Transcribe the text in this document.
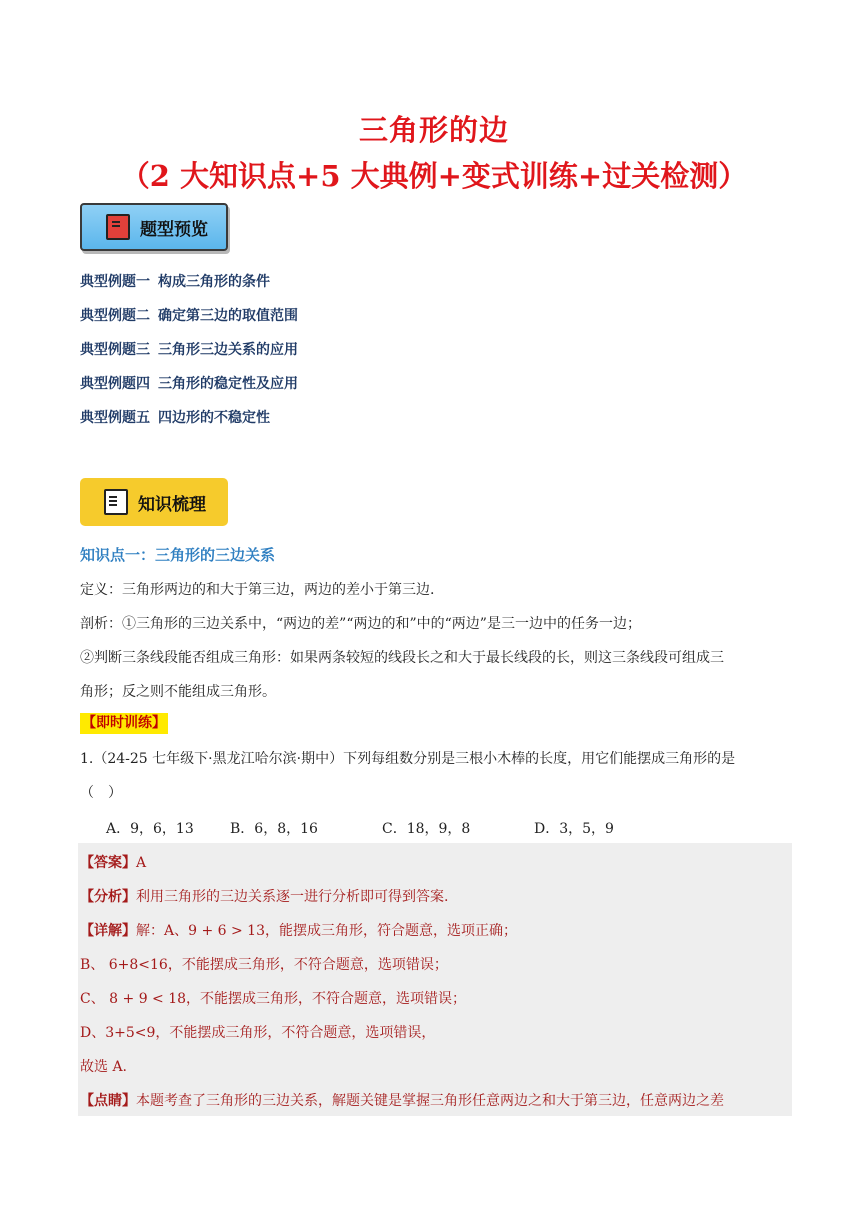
三角形的边
（2 大知识点+5 大典例+变式训练+过关检测）
题型预览
典型例题一 构成三角形的条件
典型例题二 确定第三边的取值范围
典型例题三 三角形三边关系的应用
典型例题四 三角形的稳定性及应用
典型例题五 四边形的不稳定性
知识梳理
知识点一：三角形的三边关系
定义：三角形两边的和大于第三边，两边的差小于第三边.
剖析：①三角形的三边关系中，“两边的差”“两边的和”中的“两边”是三一边中的任务一边；
②判断三条线段能否组成三角形：如果两条较短的线段长之和大于最长线段的长，则这三条线段可组成三
角形；反之则不能组成三角形。
【即时训练】
1.（24-25 七年级下·黑龙江哈尔滨·期中）下列每组数分别是三根小木棒的长度，用它们能摆成三角形的是
（　）
A．9，6，13	B．6，8，16	C．18，9，8	D．3，5，9
【答案】A
【分析】利用三角形的三边关系逐一进行分析即可得到答案.
【详解】解：A、9 + 6 > 13，能摆成三角形，符合题意，选项正确；
B、 6+8<16，不能摆成三角形，不符合题意，选项错误；
C、 8 + 9 < 18，不能摆成三角形，不符合题意，选项错误；
D、3+5<9，不能摆成三角形，不符合题意，选项错误，
故选 A.
【点睛】本题考查了三角形的三边关系，解题关键是掌握三角形任意两边之和大于第三边，任意两边之差
